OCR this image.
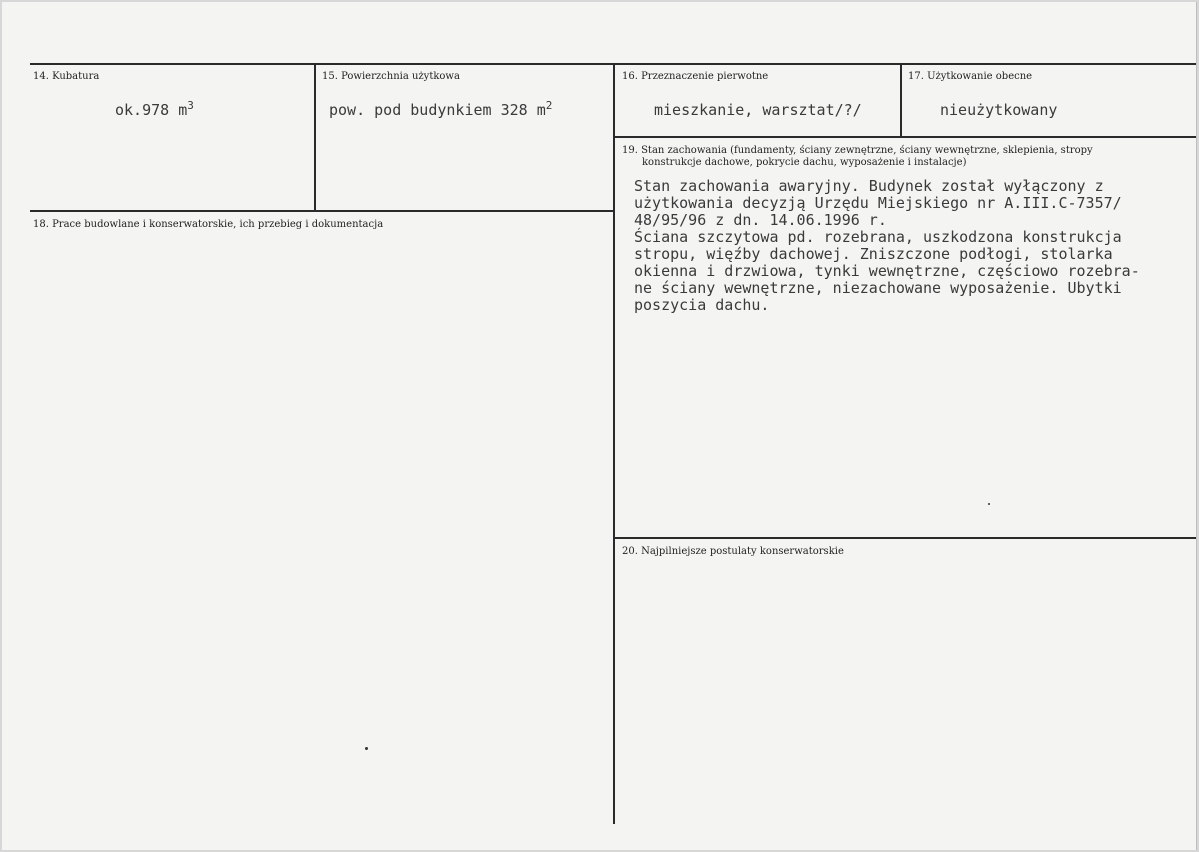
14. Kubatura
ok.978 $m^3$
15. Powierzchnia użytkowa
pow. pod budynkiem 328 $m^2$
16. Przeznaczenie pierwotne
mieszkanie, warsztat/?/
17. Użytkowanie obecne
nieużytkowany
19. Stan zachowania (fundamenty, ściany zewnętrzne, ściany wewnętrzne, sklepienia, stropy
konstrukcje dachowe, pokrycie dachu, wyposażenie i instalacje)
Stan zachowania awaryjny. Budynek został wyłączony z
użytkowania decyzją Urzędu Miejskiego nr A.III.C-7357/
48/95/96 z dn. 14.06.1996 r.
Ściana szczytowa pd. rozebrana, uszkodzona konstrukcja
stropu, więźby dachowej. Zniszczone podłogi, stolarka
okienna i drzwiowa, tynki wewnętrzne, częściowo rozebra-
ne ściany wewnętrzne, niezachowane wyposażenie. Ubytki
poszycia dachu.
18. Prace budowlane i konserwatorskie, ich przebieg i dokumentacja
20. Najpilniejsze postulaty konserwatorskie
